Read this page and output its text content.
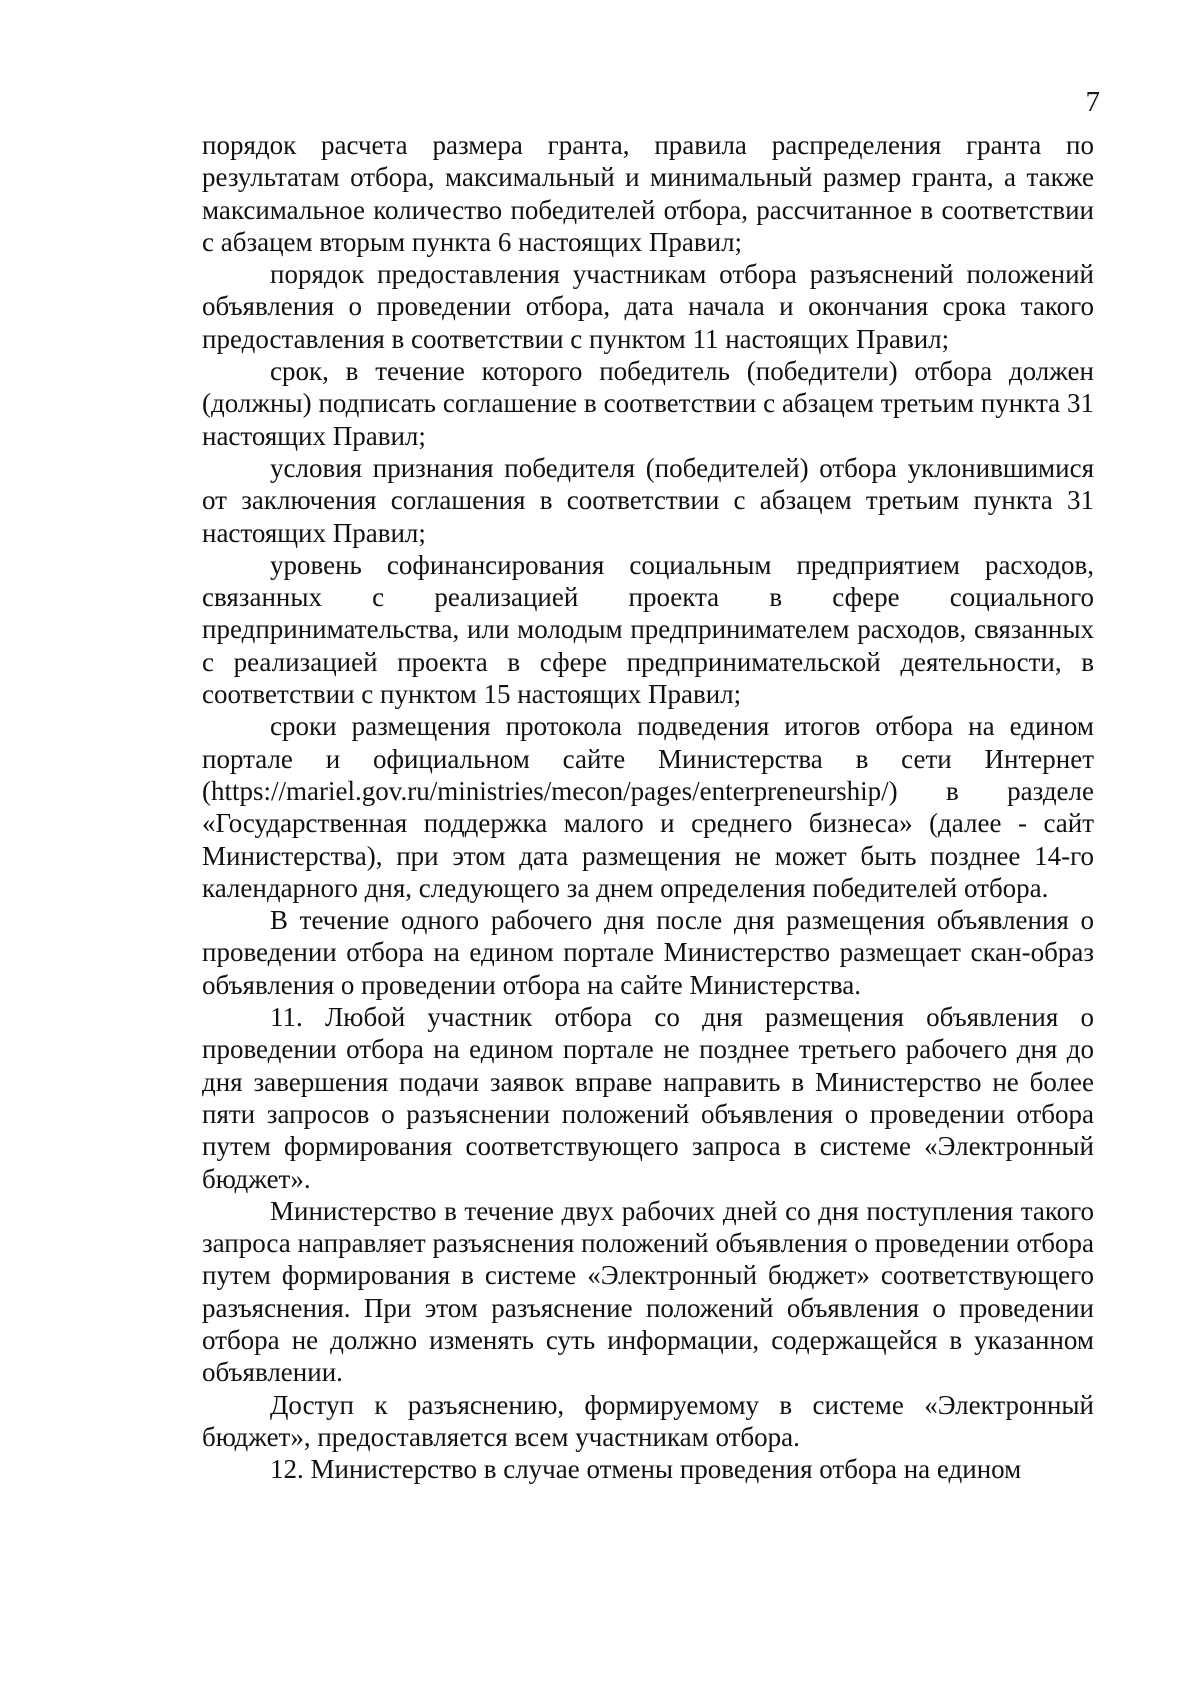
7

порядок расчета размера гранта, правила распределения гранта по результатам отбора, максимальный и минимальный размер гранта, а также максимальное количество победителей отбора, рассчитанное в соответствии с абзацем вторым пункта 6 настоящих Правил;

порядок предоставления участникам отбора разъяснений положений объявления о проведении отбора, дата начала и окончания срока такого предоставления в соответствии с пунктом 11 настоящих Правил;

срок, в течение которого победитель (победители) отбора должен (должны) подписать соглашение в соответствии с абзацем третьим пункта 31 настоящих Правил;

условия признания победителя (победителей) отбора уклонившимися от заключения соглашения в соответствии с абзацем третьим пункта 31 настоящих Правил;

уровень софинансирования социальным предприятием расходов, связанных с реализацией проекта в сфере социального предпринимательства, или молодым предпринимателем расходов, связанных с реализацией проекта в сфере предпринимательской деятельности, в соответствии с пунктом 15 настоящих Правил;

сроки размещения протокола подведения итогов отбора на едином портале и официальном сайте Министерства в сети Интернет (https://mariel.gov.ru/ministries/mecon/pages/enterpreneurship/) в разделе «Государственная поддержка малого и среднего бизнеса» (далее - сайт Министерства), при этом дата размещения не может быть позднее 14-го календарного дня, следующего за днем определения победителей отбора.

В течение одного рабочего дня после дня размещения объявления о проведении отбора на едином портале Министерство размещает скан-образ объявления о проведении отбора на сайте Министерства.

11. Любой участник отбора со дня размещения объявления о проведении отбора на едином портале не позднее третьего рабочего дня до дня завершения подачи заявок вправе направить в Министерство не более пяти запросов о разъяснении положений объявления о проведении отбора путем формирования соответствующего запроса в системе «Электронный бюджет».

Министерство в течение двух рабочих дней со дня поступления такого запроса направляет разъяснения положений объявления о проведении отбора путем формирования в системе «Электронный бюджет» соответствующего разъяснения. При этом разъяснение положений объявления о проведении отбора не должно изменять суть информации, содержащейся в указанном объявлении.

Доступ к разъяснению, формируемому в системе «Электронный бюджет», предоставляется всем участникам отбора.

12. Министерство в случае отмены проведения отбора на едином
